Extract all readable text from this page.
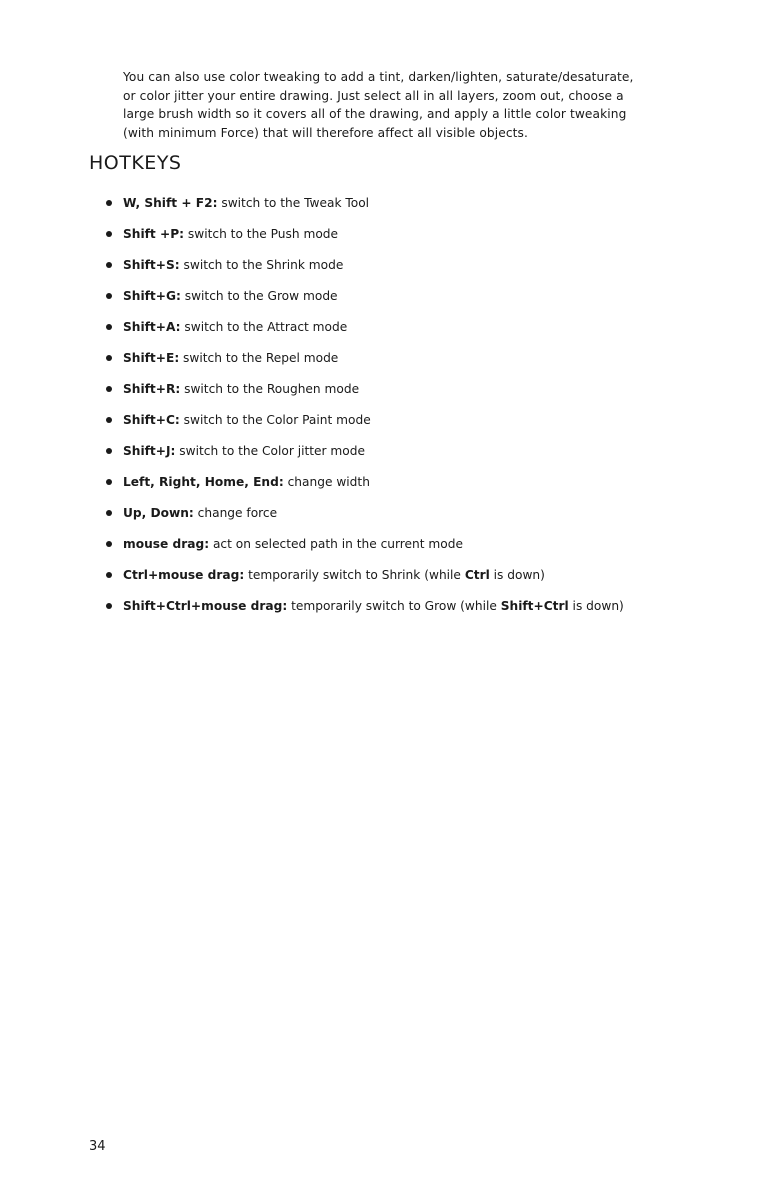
You can also use color tweaking to add a tint, darken/lighten, saturate/desaturate,
or color jitter your entire drawing. Just select all in all layers, zoom out, choose a
large brush width so it covers all of the drawing, and apply a little color tweaking
(with minimum Force) that will therefore affect all visible objects.
HOTKEYS
W, Shift + F2: switch to the Tweak Tool
Shift +P: switch to the Push mode
Shift+S: switch to the Shrink mode
Shift+G: switch to the Grow mode
Shift+A: switch to the Attract mode
Shift+E: switch to the Repel mode
Shift+R: switch to the Roughen mode
Shift+C: switch to the Color Paint mode
Shift+J: switch to the Color jitter mode
Left, Right, Home, End: change width
Up, Down: change force
mouse drag: act on selected path in the current mode
Ctrl+mouse drag: temporarily switch to Shrink (while Ctrl is down)
Shift+Ctrl+mouse drag: temporarily switch to Grow (while Shift+Ctrl is down)
34
